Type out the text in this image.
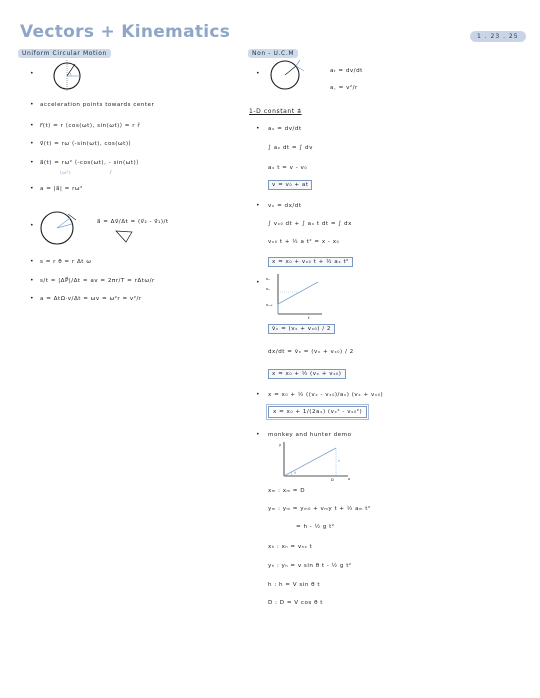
Vectors + Kinematics	1 . 23 . 25
Uniform Circular Motion
•
• acceleration points towards center
• r⃗(t) = r ⟨cos(ωt), sin(ωt)⟩ = r r̂
• v⃗(t) = rω ⟨-sin(ωt), cos(ωt)⟩
• a⃗(t) = rω² ⟨-cos(ωt), - sin(ωt)⟩
(ω²)	r̂
• a = |a⃗| = rω²
•	a⃗ = Δv⃗/Δt = (v⃗₂ - v⃗₁)/t
• s = r θ = r Δt ω
• s/t = |ΔP⃗|/Δt = av = 2πr/T = rΔtω/r
• a = ΔtΩ·v/Δt = ωv = ω²r = v²/r
Non - U.C.M
•	aₜ = dv/dt
a꜀ = v²/r
1-D constant a⃗
• aₓ = dv/dt
∫ aₓ dt = ∫ dv
aₓ t = v - v₀
v = v₀ + at
• vₓ = dx/dt
∫ vₓ₀ dt + ∫ aₓ t dt = ∫ dx
vₓ₀ t + ½ a t² = x - x₀
x = x₀ + vₓ₀ t + ½ aₓ t²
• vₓ
vₓ
vₓ,₀
t
v̄ₓ = (vₓ + vₓ₀) / 2
dx/dt = v̄ₓ = (vₓ + vₓ₀) / 2
x = x₀ + ½ (vₓ + vₓ₀)
• x = x₀ + ½ ((vₓ - vₓ₀)/aₓ) (vₓ + vₓ₀)
x = x₀ + 1/(2aₓ) (vₓ² - vₓ₀²)
• monkey and hunter demo
y
x
D
h
θ
xₘ : xₘ = D
yₘ : yₘ = yₘ₀ + vₘy t + ½ aₘ t²
= h - ½ g t²
xₕ : xₕ = vₕₓ t
yₕ : yₕ = v sin θ t - ½ g t²
h : h = V sin θ t
D : D = V cos θ t
